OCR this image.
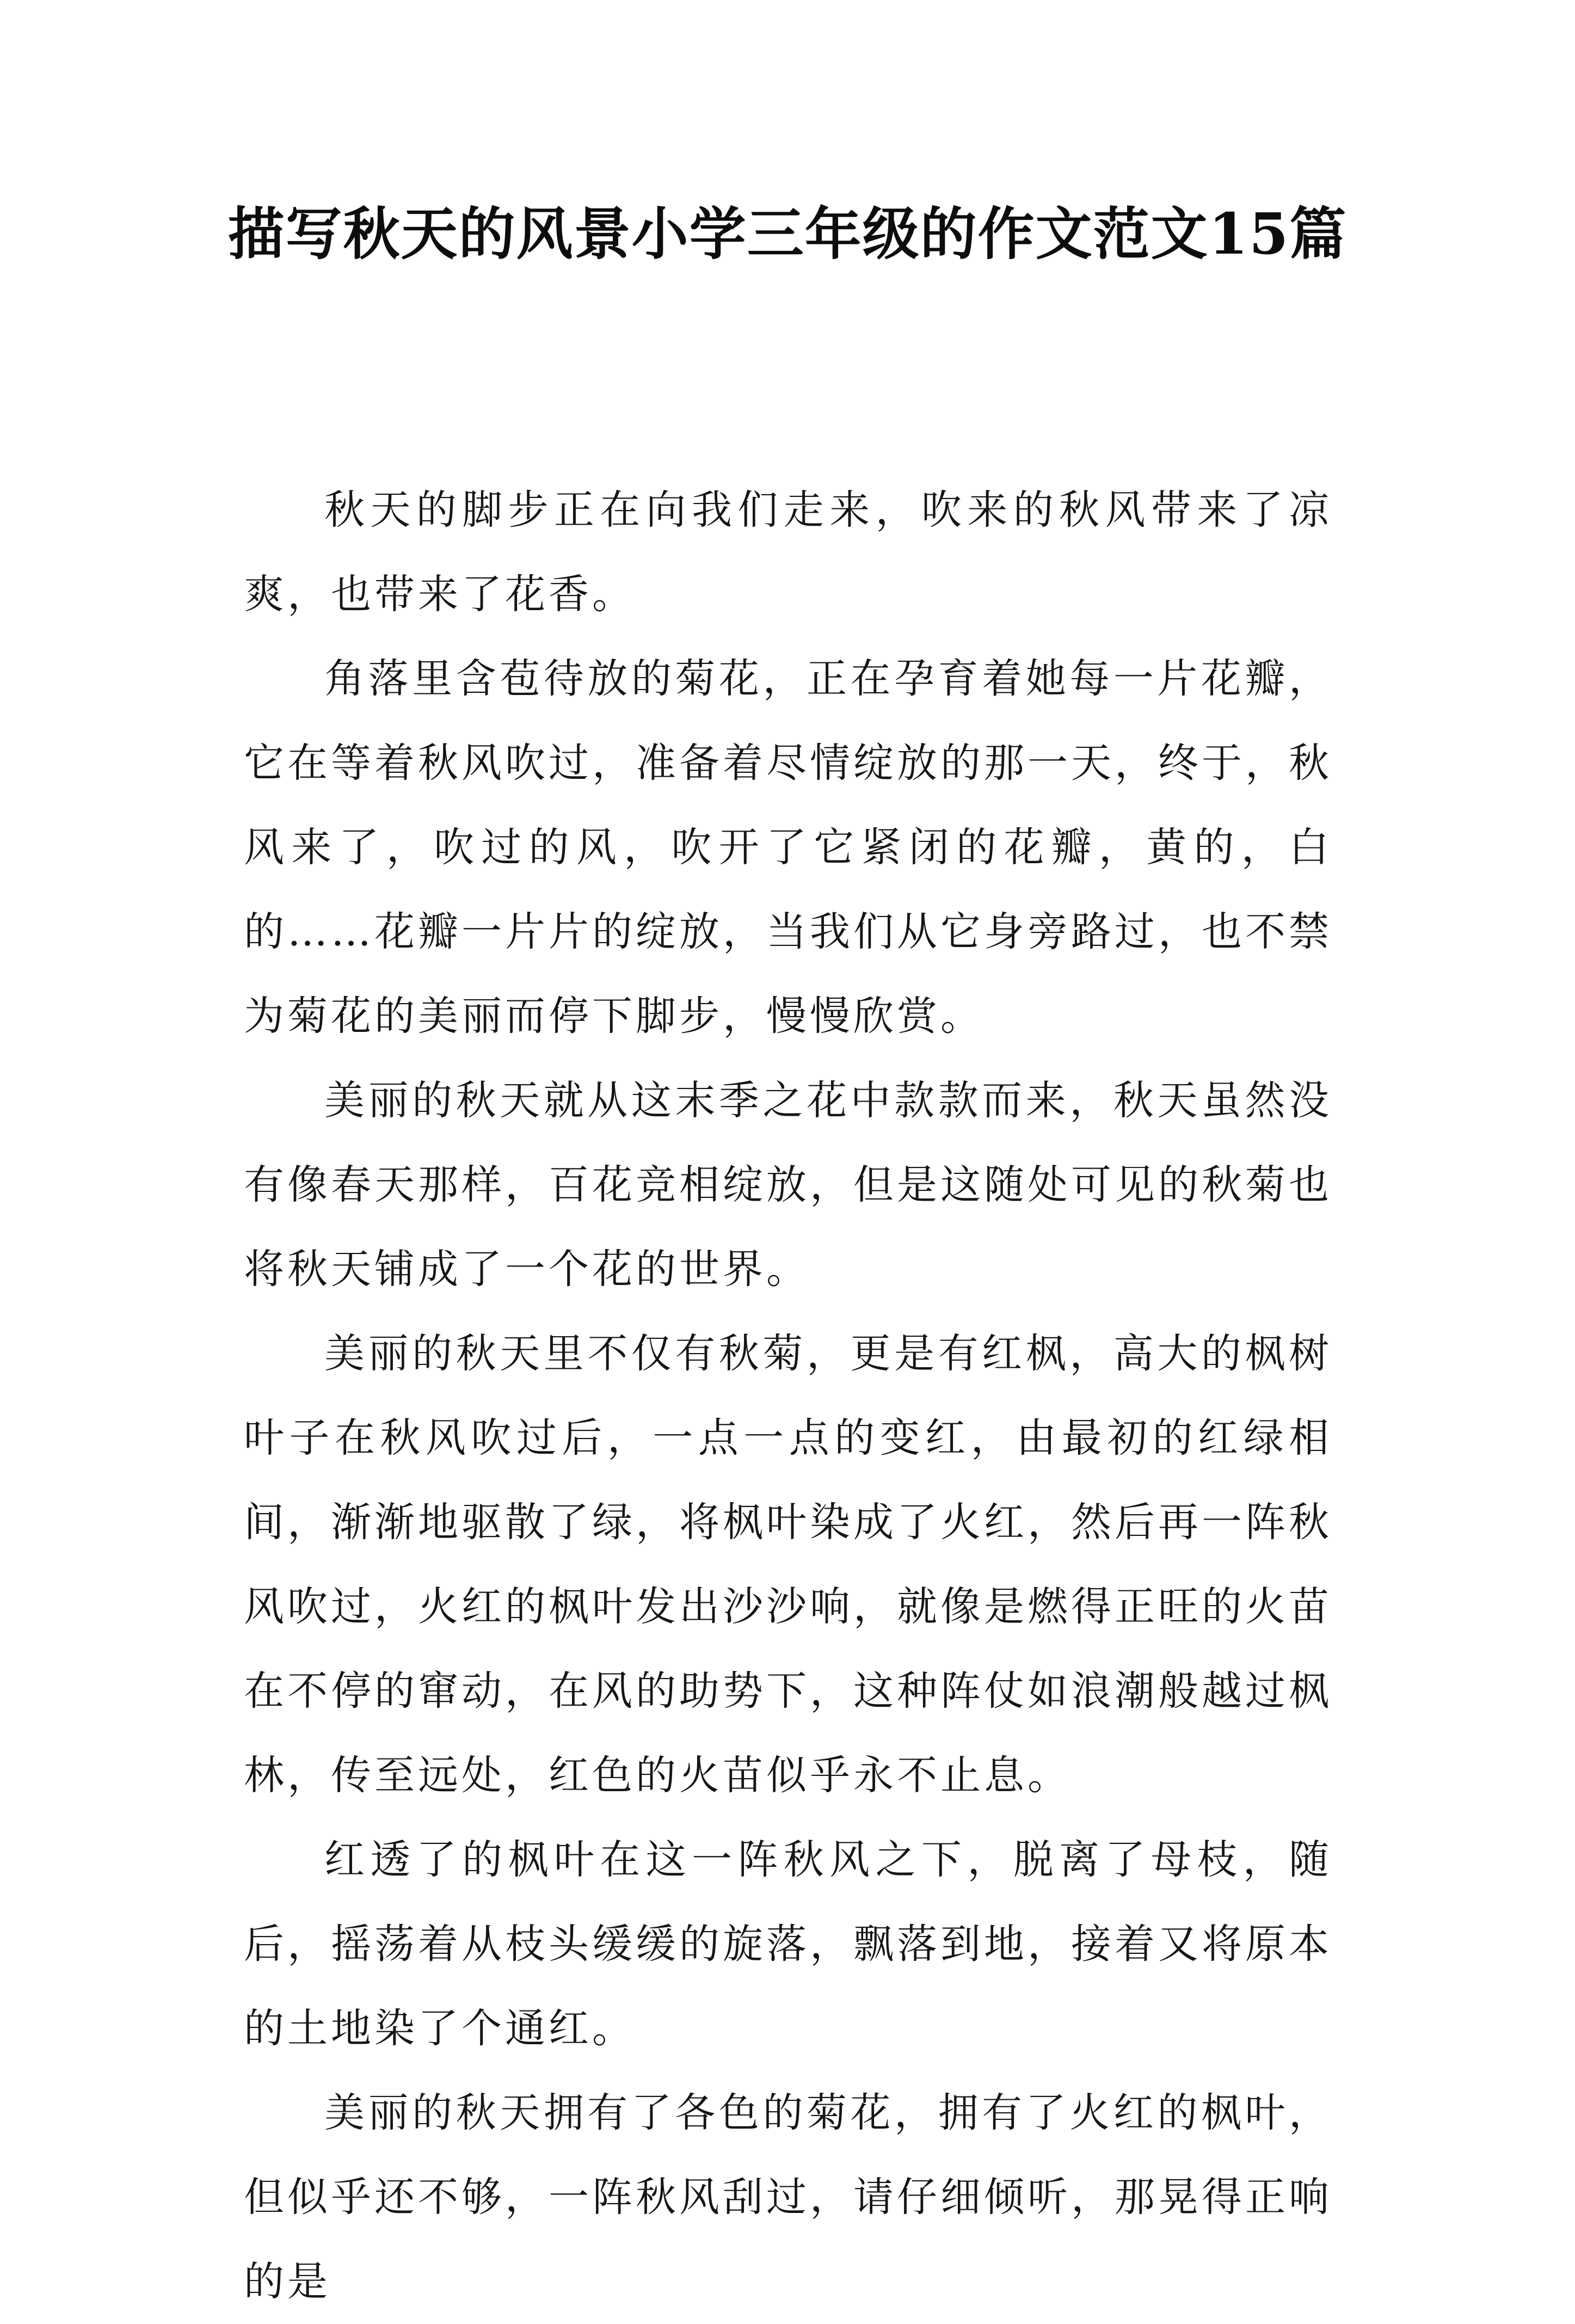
描写秋天的风景小学三年级的作文范文15篇

秋天的脚步正在向我们走来，吹来的秋风带来了凉爽，也带来了花香。

角落里含苞待放的菊花，正在孕育着她每一片花瓣，它在等着秋风吹过，准备着尽情绽放的那一天，终于，秋风来了，吹过的风，吹开了它紧闭的花瓣，黄的，白的……花瓣一片片的绽放，当我们从它身旁路过，也不禁为菊花的美丽而停下脚步，慢慢欣赏。

美丽的秋天就从这末季之花中款款而来，秋天虽然没有像春天那样，百花竞相绽放，但是这随处可见的秋菊也将秋天铺成了一个花的世界。

美丽的秋天里不仅有秋菊，更是有红枫，高大的枫树叶子在秋风吹过后，一点一点的变红，由最初的红绿相间，渐渐地驱散了绿，将枫叶染成了火红，然后再一阵秋风吹过，火红的枫叶发出沙沙响，就像是燃得正旺的火苗在不停的窜动，在风的助势下，这种阵仗如浪潮般越过枫林，传至远处，红色的火苗似乎永不止息。

红透了的枫叶在这一阵秋风之下，脱离了母枝，随后，摇荡着从枝头缓缓的旋落，飘落到地，接着又将原本的土地染了个通红。

美丽的秋天拥有了各色的菊花，拥有了火红的枫叶，但似乎还不够，一阵秋风刮过，请仔细倾听，那晃得正响的是
